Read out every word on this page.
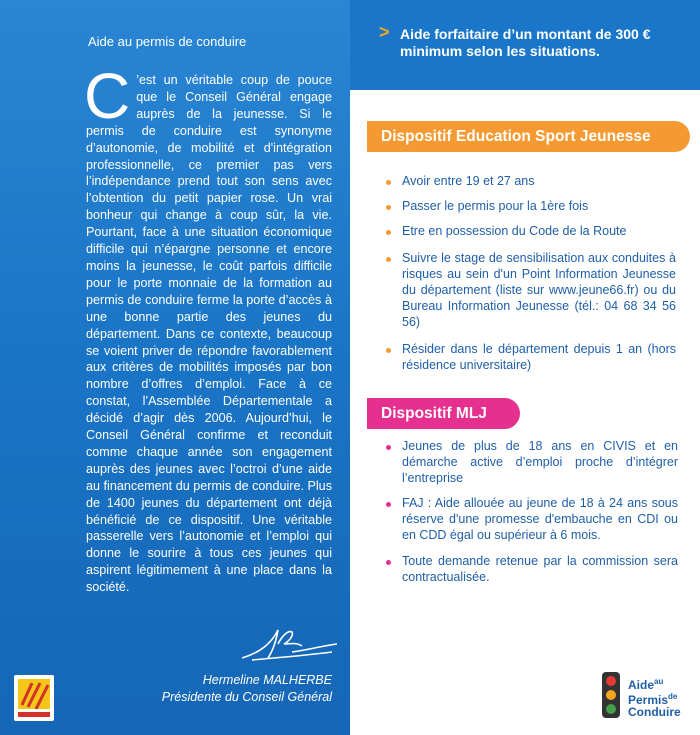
Aide au permis de conduire
C ’est un véritable coup de pouce que le Conseil Général engage auprès de la jeunesse. Si le permis de conduire est synonyme d’autonomie, de mobilité et d'intégration professionnelle, ce premier pas vers l’indépendance prend tout son sens avec l’obtention du petit papier rose. Un vrai bonheur qui change à coup sûr, la vie. Pourtant, face à une situation économique difficile qui n’épargne personne et encore moins la jeunesse, le coût parfois difficile pour le porte monnaie de la formation au permis de conduire ferme la porte d’accès à une bonne partie des jeunes du département. Dans ce contexte, beaucoup se voient priver de répondre favorablement aux critères de mobilités imposés par bon nombre d’offres d’emploi. Face à ce constat, l’Assemblée Départementale a décidé d’agir dès 2006. Aujourd’hui, le Conseil Général confirme et reconduit comme chaque année son engagement auprès des jeunes avec l’octroi d’une aide au financement du permis de conduire. Plus de 1400 jeunes du département ont déjà bénéficié de ce dispositif. Une véritable passerelle vers l’autonomie et l’emploi qui donne le sourire à tous ces jeunes qui aspirent légitimement à une place dans la société.
Hermeline MALHERBE
Présidente du Conseil Général
> Aide forfaitaire d’un montant de 300 € minimum selon les situations.
Dispositif Education Sport Jeunesse
Avoir entre 19 et 27 ans
Passer le permis pour la 1ère fois
Etre en possession du Code de la Route
Suivre le stage de sensibilisation aux conduites à risques au sein d'un Point Information Jeunesse du département (liste sur www.jeune66.fr) ou du Bureau Information Jeunesse (tél.: 04 68 34 56 56)
Résider dans le département depuis 1 an (hors résidence universitaire)
Dispositif MLJ
Jeunes de plus de 18 ans en CIVIS et en démarche active d’emploi proche d’intégrer l’entreprise
FAJ : Aide allouée au jeune de 18 à 24 ans sous réserve d'une promesse d'embauche en CDI ou en CDD égal ou supérieur à 6 mois.
Toute demande retenue par la commission sera contractualisée.
Aide$^{au}$
Permis$^{de}$
Conduire
